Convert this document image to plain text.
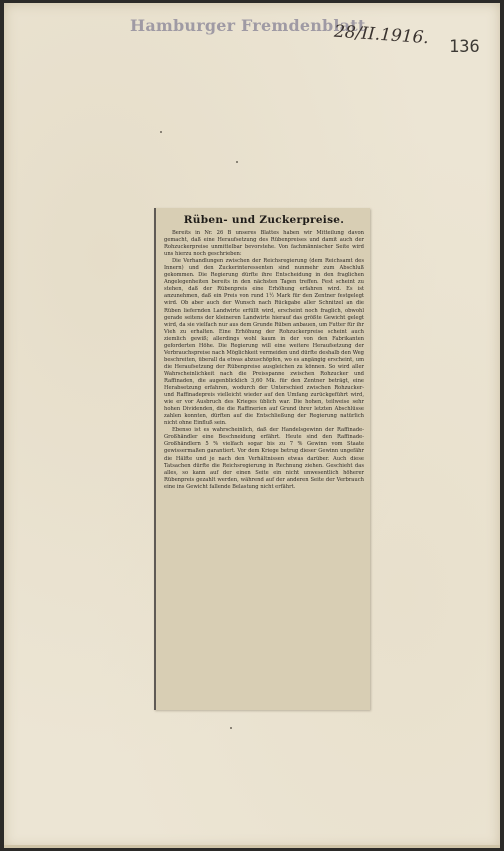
Hamburger Fremdenblatt
28/II.1916. 136
Rüben- und Zuckerpreise.

Bereits in Nr. 26 B unseres Blattes haben wir Mitteilung davon gemacht, daß eine Heraufsetzung des Rübenpreises und damit auch der Rohzuckerpreise unmittelbar bevorstehe. Von fachmännischer Seite wird uns hierzu noch geschrieben:

Die Verhandlungen zwischen der Reichsregierung (dem Reichsamt des Innern) und den Zuckerinteressenten sind nunmehr zum Abschluß gekommen. Die Regierung dürfte ihre Entscheidung in den fraglichen Angelegenheiten bereits in den nächsten Tagen treffen. Fest scheint zu stehen, daß der Rübenpreis eine Erhöhung erfahren wird. Es ist anzunehmen, daß ein Preis von rund 1½ Mark für den Zentner festgelegt wird. Ob aber auch der Wunsch nach Rückgabe aller Schnitzel an die Rüben liefernden Landwirte erfüllt wird, erscheint noch fraglich, obwohl gerade seitens der kleineren Landwirte hierauf das größte Gewicht gelegt wird, da sie vielfach nur aus dem Grunde Rüben anbauen, um Futter für ihr Vieh zu erhalten. Eine Erhöhung der Rohzuckerpreise scheint auch ziemlich gewiß; allerdings wohl kaum in der von den Fabrikanten geforderten Höhe. Die Regierung will eine weitere Heraufsetzung der Verbrauchspreise nach Möglichkeit vermeiden und dürfte deshalb den Weg beschreiten, überall da etwas abzuschöpfen, wo es angängig erscheint, um die Heraufsetzung der Rübenpreise ausgleichen zu können. So wird aller Wahrscheinlichkeit nach die Preisspanne zwischen Rohzucker und Raffinaden, die augenblicklich 3,60 Mk. für den Zentner beträgt, eine Herabsetzung erfahren, wodurch der Unterschied zwischen Rohzucker- und Raffinadepreis vielleicht wieder auf den Umfang zurückgeführt wird, wie er vor Ausbruch des Krieges üblich war. Die hohen, teilweise sehr hohen Dividenden, die die Raffinerien auf Grund ihrer letzten Abschlüsse zahlen konnten, dürften auf die Entschließung der Regierung natürlich nicht ohne Einfluß sein.

Ebenso ist es wahrscheinlich, daß der Handelsgewinn der Raffinade-Großhändler eine Beschneidung erfährt. Heute sind den Raffinade-Großhändlern 5 % vielfach sogar bis zu 7 % Gewinn vom Staate gewissermaßen garantiert. Vor dem Kriege betrug dieser Gewinn ungefähr die Hälfte und je nach den Verhältnissen etwas darüber. Auch diese Tatsachen dürfte die Reichsregierung in Rechnung ziehen. Geschieht das alles, so kann auf der einen Seite ein nicht unwesentlich höherer Rübenpreis gezahlt werden, während auf der anderen Seite der Verbrauch eine ins Gewicht fallende Belastung nicht erfährt.
